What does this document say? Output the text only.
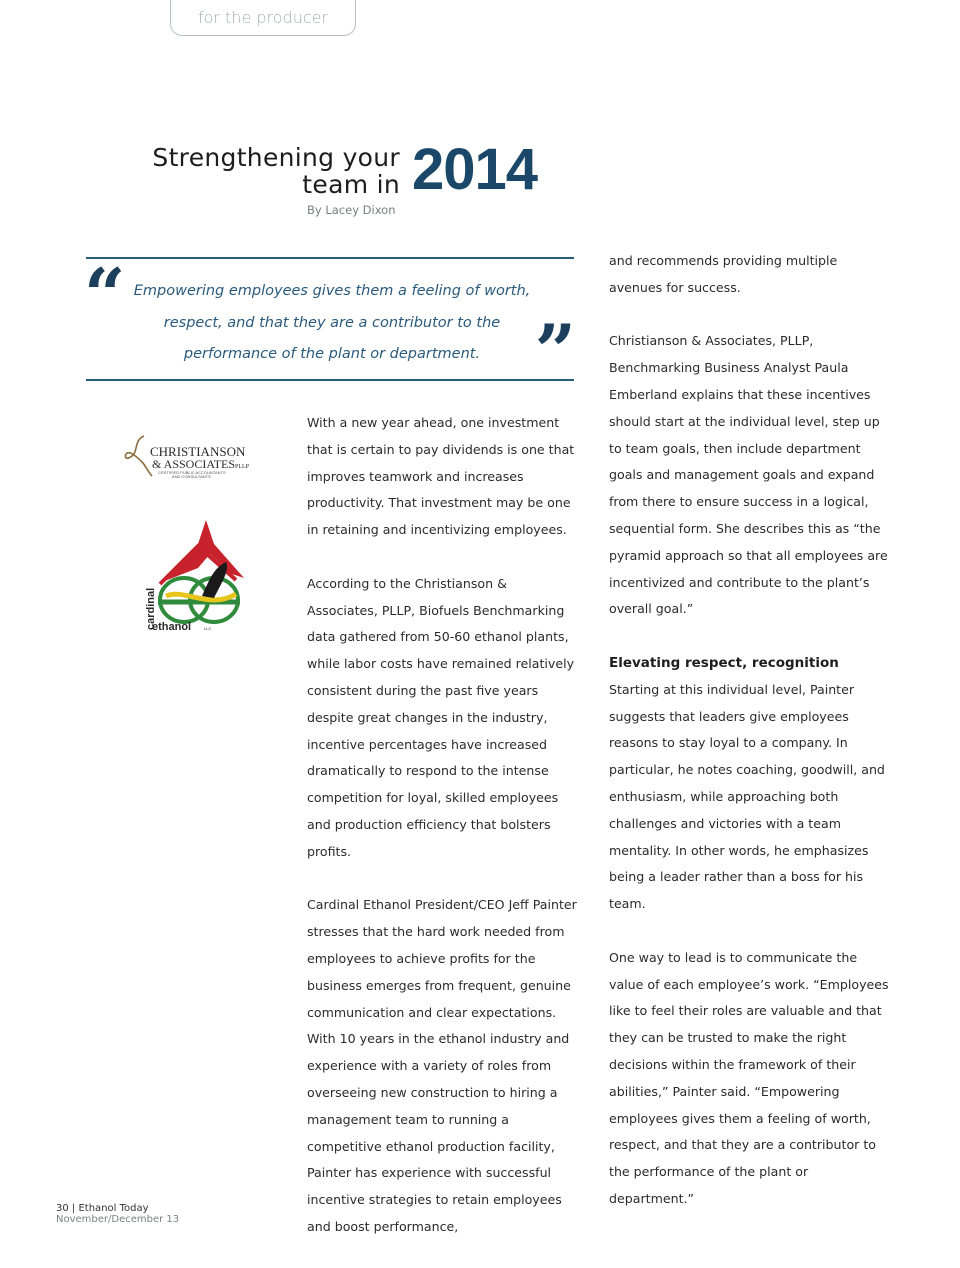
for the producer
Strengthening your
team in 2014
By Lacey Dixon
“ Empowering employees gives them a feeling of worth, respect, and that they are a contributor to the performance of the plant or department. ”
CHRISTIANSON
& ASSOCIATES PLLP
CERTIFIED PUBLIC ACCOUNTANTS
AND CONSULTANTS
cardinal
ethanol	LLC

With a new year ahead, one investment that is certain to pay dividends is one that improves teamwork and increases productivity. That investment may be one in retaining and incentivizing employees.

According to the Christianson & Associates, PLLP, Biofuels Benchmarking data gathered from 50-60 ethanol plants, while labor costs have remained relatively consistent during the past five years despite great changes in the industry, incentive percentages have increased dramatically to respond to the intense competition for loyal, skilled employees and production efficiency that bolsters profits.

Cardinal Ethanol President/CEO Jeff Painter stresses that the hard work needed from employees to achieve profits for the business emerges from frequent, genuine communication and clear expectations. With 10 years in the ethanol industry and experience with a variety of roles from overseeing new construction to hiring a management team to running a competitive ethanol production facility, Painter has experience with successful incentive strategies to retain employees and boost performance,

and recommends providing multiple avenues for success.

Christianson & Associates, PLLP, Benchmarking Business Analyst Paula Emberland explains that these incentives should start at the individual level, step up to team goals, then include department goals and management goals and expand from there to ensure success in a logical, sequential form. She describes this as “the pyramid approach so that all employees are incentivized and contribute to the plant’s overall goal.”

Elevating respect, recognition

Starting at this individual level, Painter suggests that leaders give employees reasons to stay loyal to a company. In particular, he notes coaching, goodwill, and enthusiasm, while approaching both challenges and victories with a team mentality. In other words, he emphasizes being a leader rather than a boss for his team.

One way to lead is to communicate the value of each employee’s work. “Employees like to feel their roles are valuable and that they can be trusted to make the right decisions within the framework of their abilities,” Painter said. “Empowering employees gives them a feeling of worth, respect, and that they are a contributor to the performance of the plant or department.”

30 | Ethanol Today
November/December 13
